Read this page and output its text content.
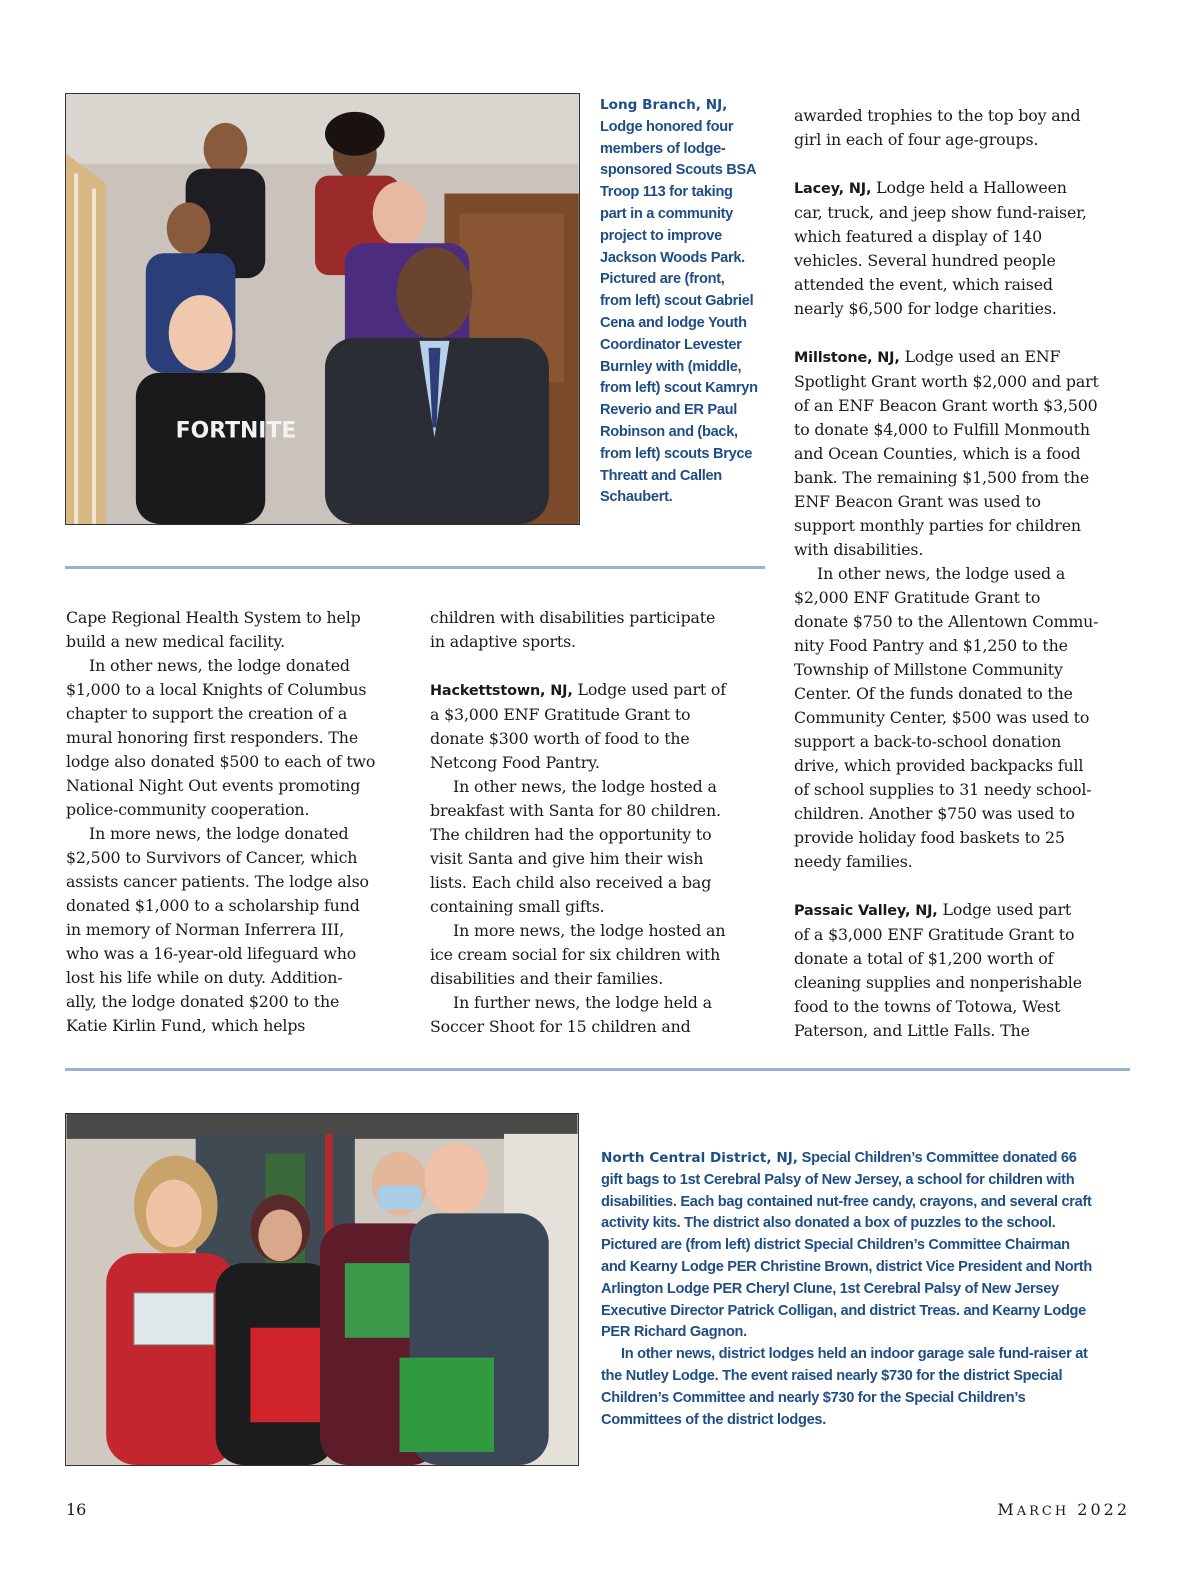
FORTNITE
Long Branch, NJ,
Lodge honored four
members of lodge-
sponsored Scouts BSA
Troop 113 for taking
part in a community
project to improve
Jackson Woods Park.
Pictured are (front,
from left) scout Gabriel
Cena and lodge Youth
Coordinator Levester
Burnley with (middle,
from left) scout Kamryn
Reverio and ER Paul
Robinson and (back,
from left) scouts Bryce
Threatt and Callen
Schaubert.

Cape Regional Health System to help

build a new medical facility.

In other news, the lodge donated

$1,000 to a local Knights of Columbus

chapter to support the creation of a

mural honoring first responders. The

lodge also donated $500 to each of two

National Night Out events promoting

police-community cooperation.

In more news, the lodge donated

$2,500 to Survivors of Cancer, which

assists cancer patients. The lodge also

donated $1,000 to a scholarship fund

in memory of Norman Inferrera III,

who was a 16-year-old lifeguard who

lost his life while on duty. Addition-

ally, the lodge donated $200 to the

Katie Kirlin Fund, which helps

children with disabilities participate

in adaptive sports.

Hackettstown, NJ, Lodge used part of

a $3,000 ENF Gratitude Grant to

donate $300 worth of food to the

Netcong Food Pantry.

In other news, the lodge hosted a

breakfast with Santa for 80 children.

The children had the opportunity to

visit Santa and give him their wish

lists. Each child also received a bag

containing small gifts.

In more news, the lodge hosted an

ice cream social for six children with

disabilities and their families.

In further news, the lodge held a

Soccer Shoot for 15 children and

awarded trophies to the top boy and

girl in each of four age-groups.

Lacey, NJ, Lodge held a Halloween

car, truck, and jeep show fund-raiser,

which featured a display of 140

vehicles. Several hundred people

attended the event, which raised

nearly $6,500 for lodge charities.

Millstone, NJ, Lodge used an ENF

Spotlight Grant worth $2,000 and part

of an ENF Beacon Grant worth $3,500

to donate $4,000 to Fulfill Monmouth

and Ocean Counties, which is a food

bank. The remaining $1,500 from the

ENF Beacon Grant was used to

support monthly parties for children

with disabilities.

In other news, the lodge used a

$2,000 ENF Gratitude Grant to

donate $750 to the Allentown Commu-

nity Food Pantry and $1,250 to the

Township of Millstone Community

Center. Of the funds donated to the

Community Center, $500 was used to

support a back-to-school donation

drive, which provided backpacks full

of school supplies to 31 needy school-

children. Another $750 was used to

provide holiday food baskets to 25

needy families.

Passaic Valley, NJ, Lodge used part

of a $3,000 ENF Gratitude Grant to

donate a total of $1,200 worth of

cleaning supplies and nonperishable

food to the towns of Totowa, West

Paterson, and Little Falls. The

North Central District, NJ, Special Children’s Committee donated 66
gift bags to 1st Cerebral Palsy of New Jersey, a school for children with
disabilities. Each bag contained nut-free candy, crayons, and several craft
activity kits. The district also donated a box of puzzles to the school.
Pictured are (from left) district Special Children’s Committee Chairman
and Kearny Lodge PER Christine Brown, district Vice President and North
Arlington Lodge PER Cheryl Clune, 1st Cerebral Palsy of New Jersey
Executive Director Patrick Colligan, and district Treas. and Kearny Lodge
PER Richard Gagnon.
In other news, district lodges held an indoor garage sale fund-raiser at
the Nutley Lodge. The event raised nearly $730 for the district Special
Children’s Committee and nearly $730 for the Special Children’s
Committees of the district lodges.
16	MARCH 2022
